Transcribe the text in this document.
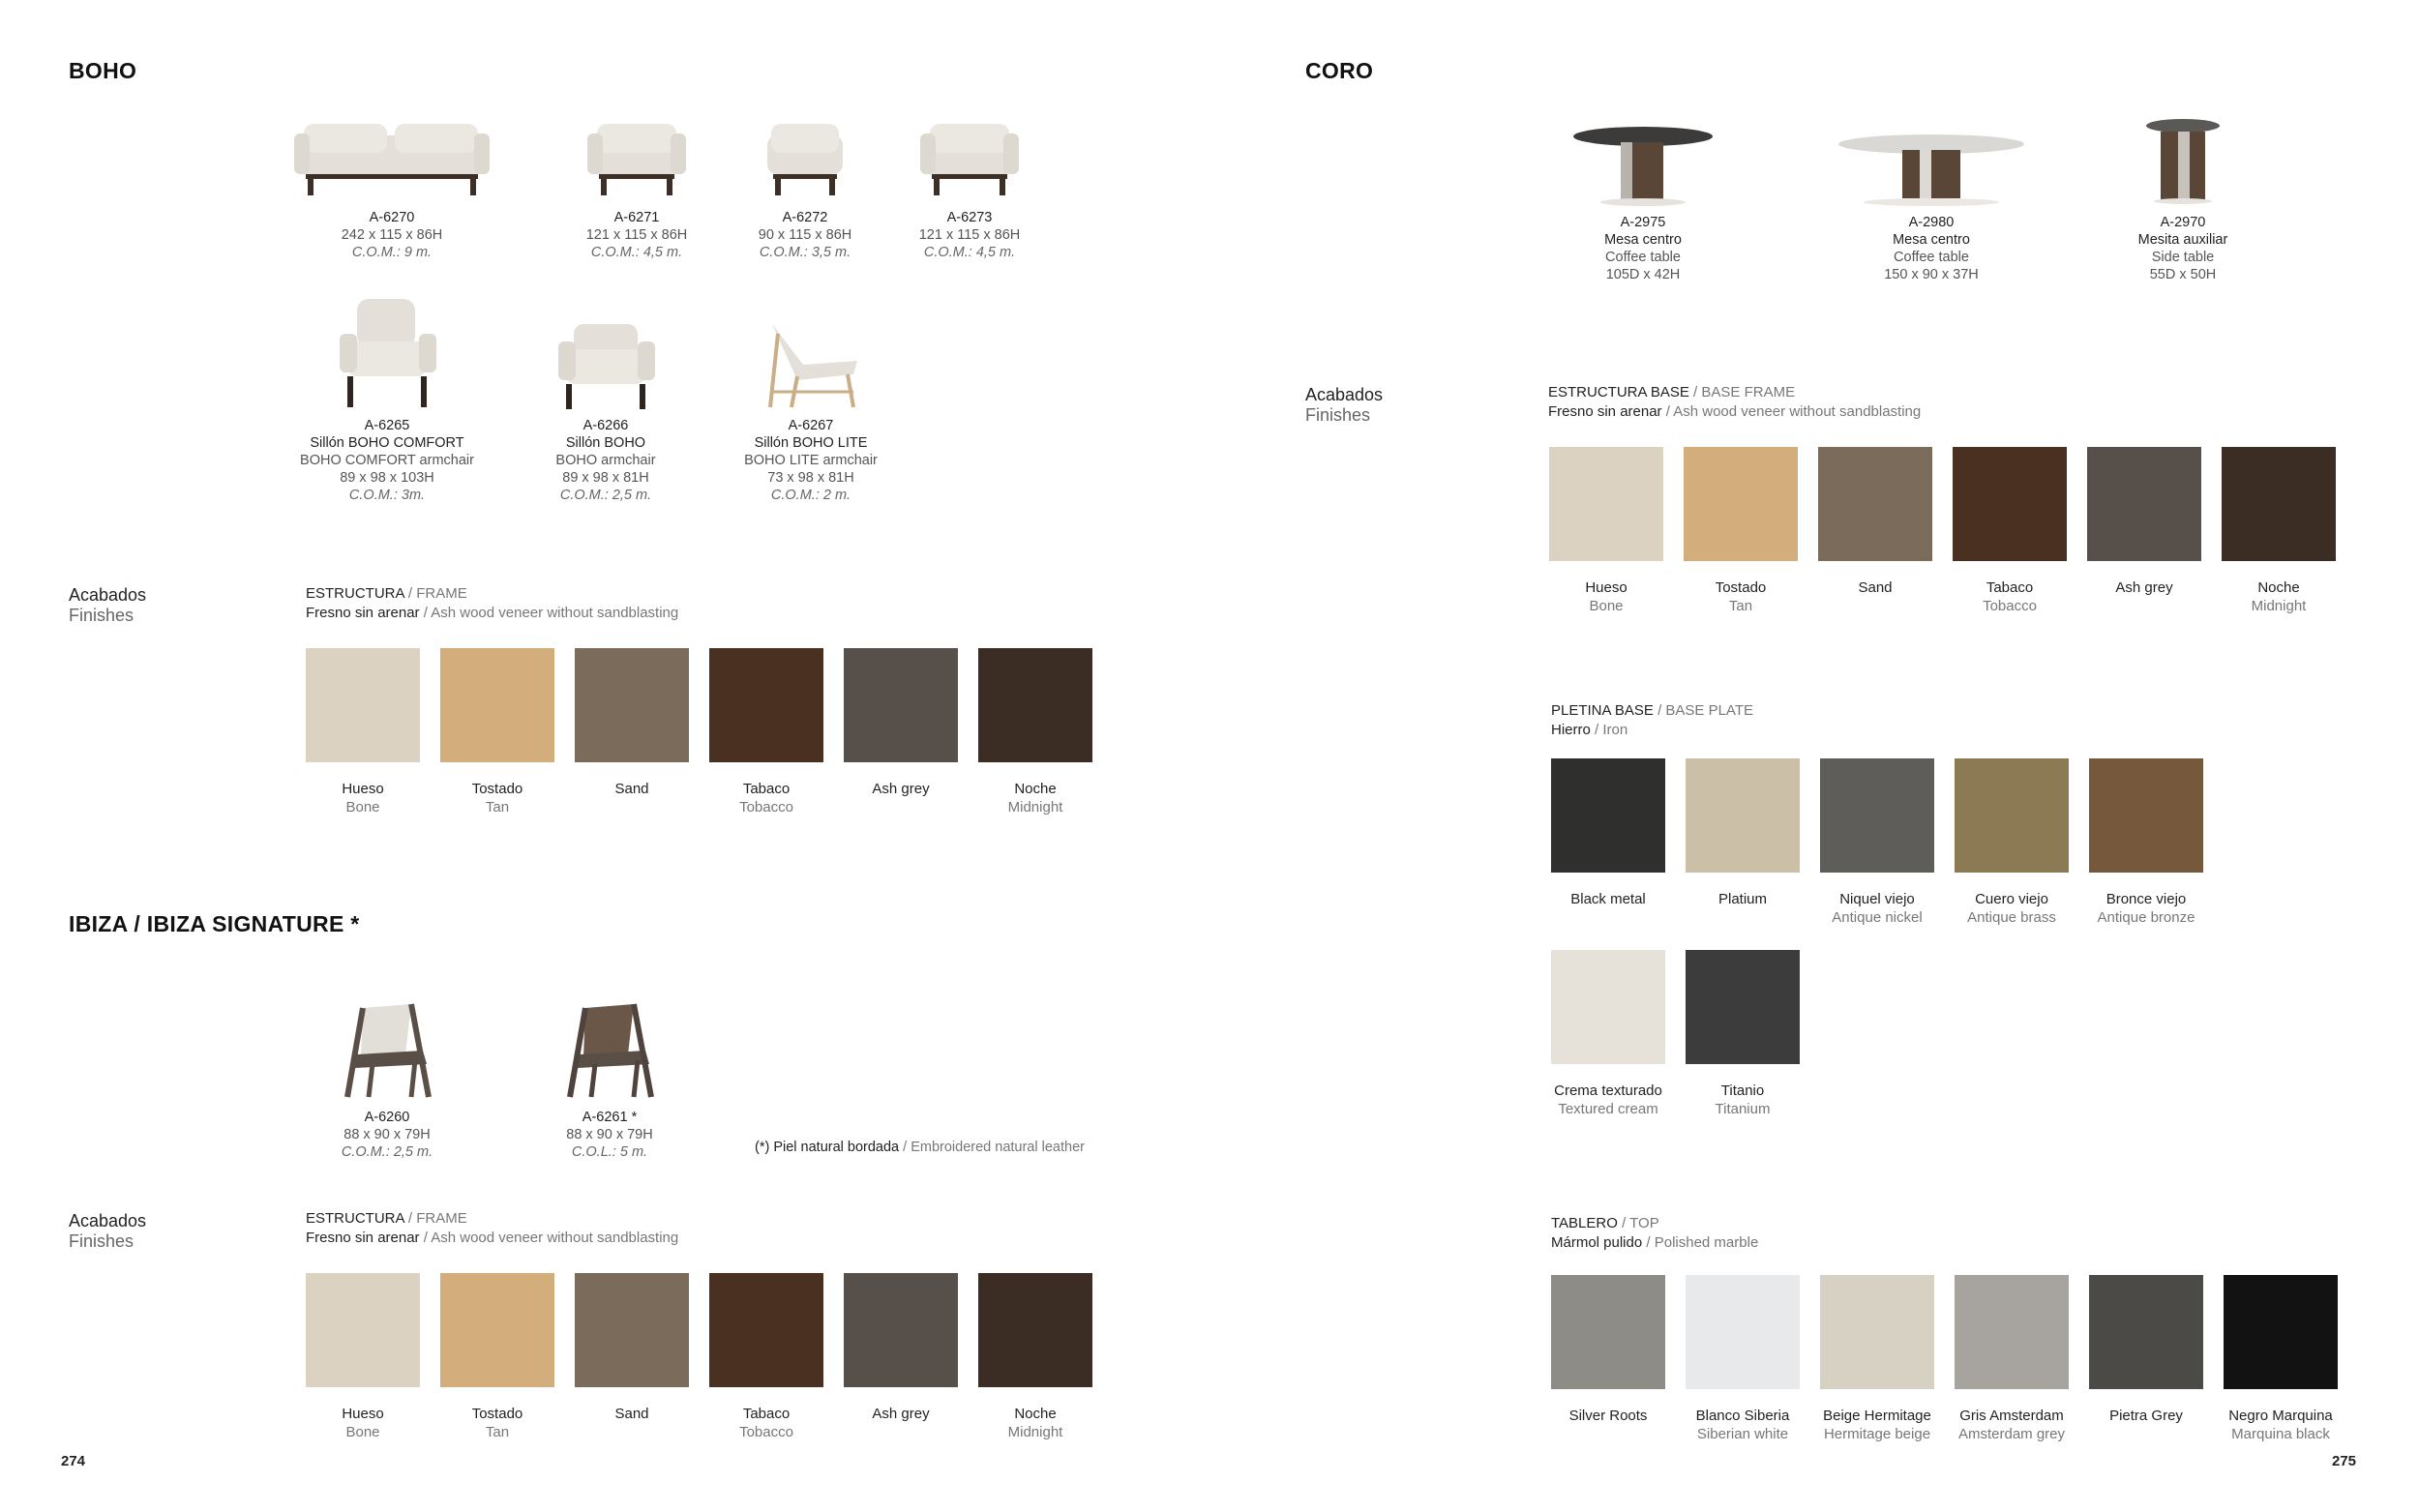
BOHO
A-6270
242 x 115 x 86H
C.O.M.: 9 m.
A-6271
121 x 115 x 86H
C.O.M.: 4,5 m.
A-6272
90 x 115 x 86H
C.O.M.: 3,5 m.
A-6273
121 x 115 x 86H
C.O.M.: 4,5 m.
A-6265
Sillón BOHO COMFORT
BOHO COMFORT armchair
89 x 98 x 103H
C.O.M.: 3m.
A-6266
Sillón BOHO
BOHO armchair
89 x 98 x 81H
C.O.M.: 2,5 m.
A-6267
Sillón BOHO LITE
BOHO LITE armchair
73 x 98 x 81H
C.O.M.: 2 m.
Acabados
Finishes
ESTRUCTURA / FRAME
Fresno sin arenar / Ash wood veneer without sandblasting
Hueso
Bone
Tostado
Tan
Sand	Tabaco
Tobacco
Ash grey	Noche
Midnight
IBIZA / IBIZA SIGNATURE *
A-6260
88 x 90 x 79H
C.O.M.: 2,5 m.
A-6261 *
88 x 90 x 79H
C.O.L.: 5 m.	(*) Piel natural bordada / Embroidered natural leather
Acabados
Finishes
ESTRUCTURA / FRAME
Fresno sin arenar / Ash wood veneer without sandblasting
Hueso
Bone
Tostado
Tan
Sand	Tabaco
Tobacco
Ash grey	Noche
Midnight
274
CORO
A-2975
Mesa centro
Coffee table
105D x 42H
A-2980
Mesa centro
Coffee table
150 x 90 x 37H
A-2970
Mesita auxiliar
Side table
55D x 50H
Acabados
Finishes
ESTRUCTURA BASE / BASE FRAME
Fresno sin arenar / Ash wood veneer without sandblasting
Hueso
Bone
Tostado
Tan
Sand	Tabaco
Tobacco
Ash grey	Noche
Midnight
PLETINA BASE / BASE PLATE
Hierro / Iron
Black metal	Platium	Niquel viejo
Antique nickel
Cuero viejo
Antique brass
Bronce viejo
Antique bronze
Crema texturado
Textured cream
Titanio
Titanium
TABLERO / TOP
Mármol pulido / Polished marble
Silver Roots	Blanco Siberia
Siberian white
Beige Hermitage
Hermitage beige
Gris Amsterdam
Amsterdam grey
Pietra Grey	Negro Marquina
Marquina black
275
